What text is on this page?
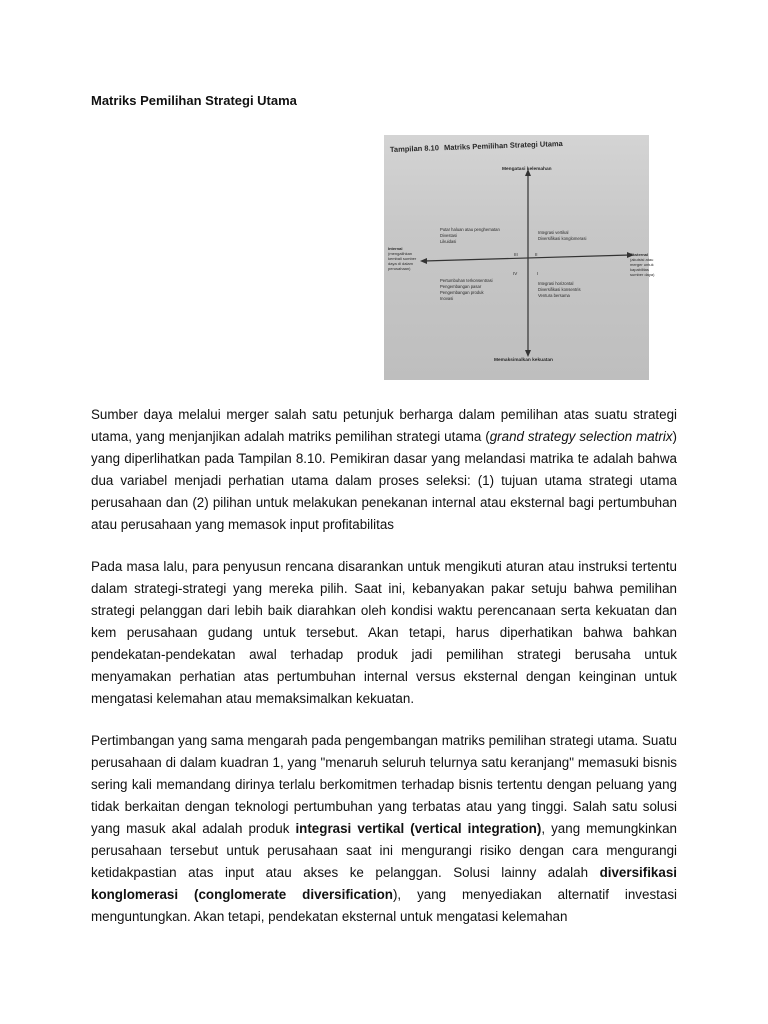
Matriks Pemilihan Strategi Utama
Tampilan 8.10 Matriks Pemilihan Strategi Utama
Mengatasi kelemahan
Memaksimalkan kekuatan
Internal (mengalihkan kembali sumber daya di dalam perusahaan)
Eksternal (akuisisi atau merger untuk kapabilitas sumber daya)
Putar haluan atau penghematan Divestasi Likuidasi
Integrasi vertikal Diversifikasi konglomerasi
Pertumbuhan terkonsentrasi Pengembangan pasar Pengembangan produk Inovasi
Integrasi horizontal Diversifikasi konsentris Ventura bersama
I
II
III
IV

Sumber daya melalui merger salah satu petunjuk berharga dalam pemilihan atas suatu strategi utama, yang menjanjikan adalah matriks pemilihan strategi utama (grand strategy selection matrix) yang diperlihatkan pada Tampilan 8.10. Pemikiran dasar yang melandasi matrika te adalah bahwa dua variabel menjadi perhatian utama dalam proses seleksi: (1) tujuan utama strategi utama perusahaan dan (2) pilihan untuk melakukan penekanan internal atau eksternal bagi pertumbuhan atau perusahaan yang memasok input profitabilitas

Pada masa lalu, para penyusun rencana disarankan untuk mengikuti aturan atau instruksi tertentu dalam strategi-strategi yang mereka pilih. Saat ini, kebanyakan pakar setuju bahwa pemilihan strategi pelanggan dari lebih baik diarahkan oleh kondisi waktu perencanaan serta kekuatan dan kem perusahaan gudang untuk tersebut. Akan tetapi, harus diperhatikan bahwa bahkan pendekatan-pendekatan awal terhadap produk jadi pemilihan strategi berusaha untuk menyamakan perhatian atas pertumbuhan internal versus eksternal dengan keinginan untuk mengatasi kelemahan atau memaksimalkan kekuatan.

Pertimbangan yang sama mengarah pada pengembangan matriks pemilihan strategi utama. Suatu perusahaan di dalam kuadran 1, yang "menaruh seluruh telurnya satu keranjang" memasuki bisnis sering kali memandang dirinya terlalu berkomitmen terhadap bisnis tertentu dengan peluang yang tidak berkaitan dengan teknologi pertumbuhan yang terbatas atau yang tinggi. Salah satu solusi yang masuk akal adalah produk integrasi vertikal (vertical integration), yang memungkinkan perusahaan tersebut untuk perusahaan saat ini mengurangi risiko dengan cara mengurangi ketidakpastian atas input atau akses ke pelanggan. Solusi lainny adalah diversifikasi konglomerasi (conglomerate diversification), yang menyediakan alternatif investasi menguntungkan. Akan tetapi, pendekatan eksternal untuk mengatasi kelemahan
